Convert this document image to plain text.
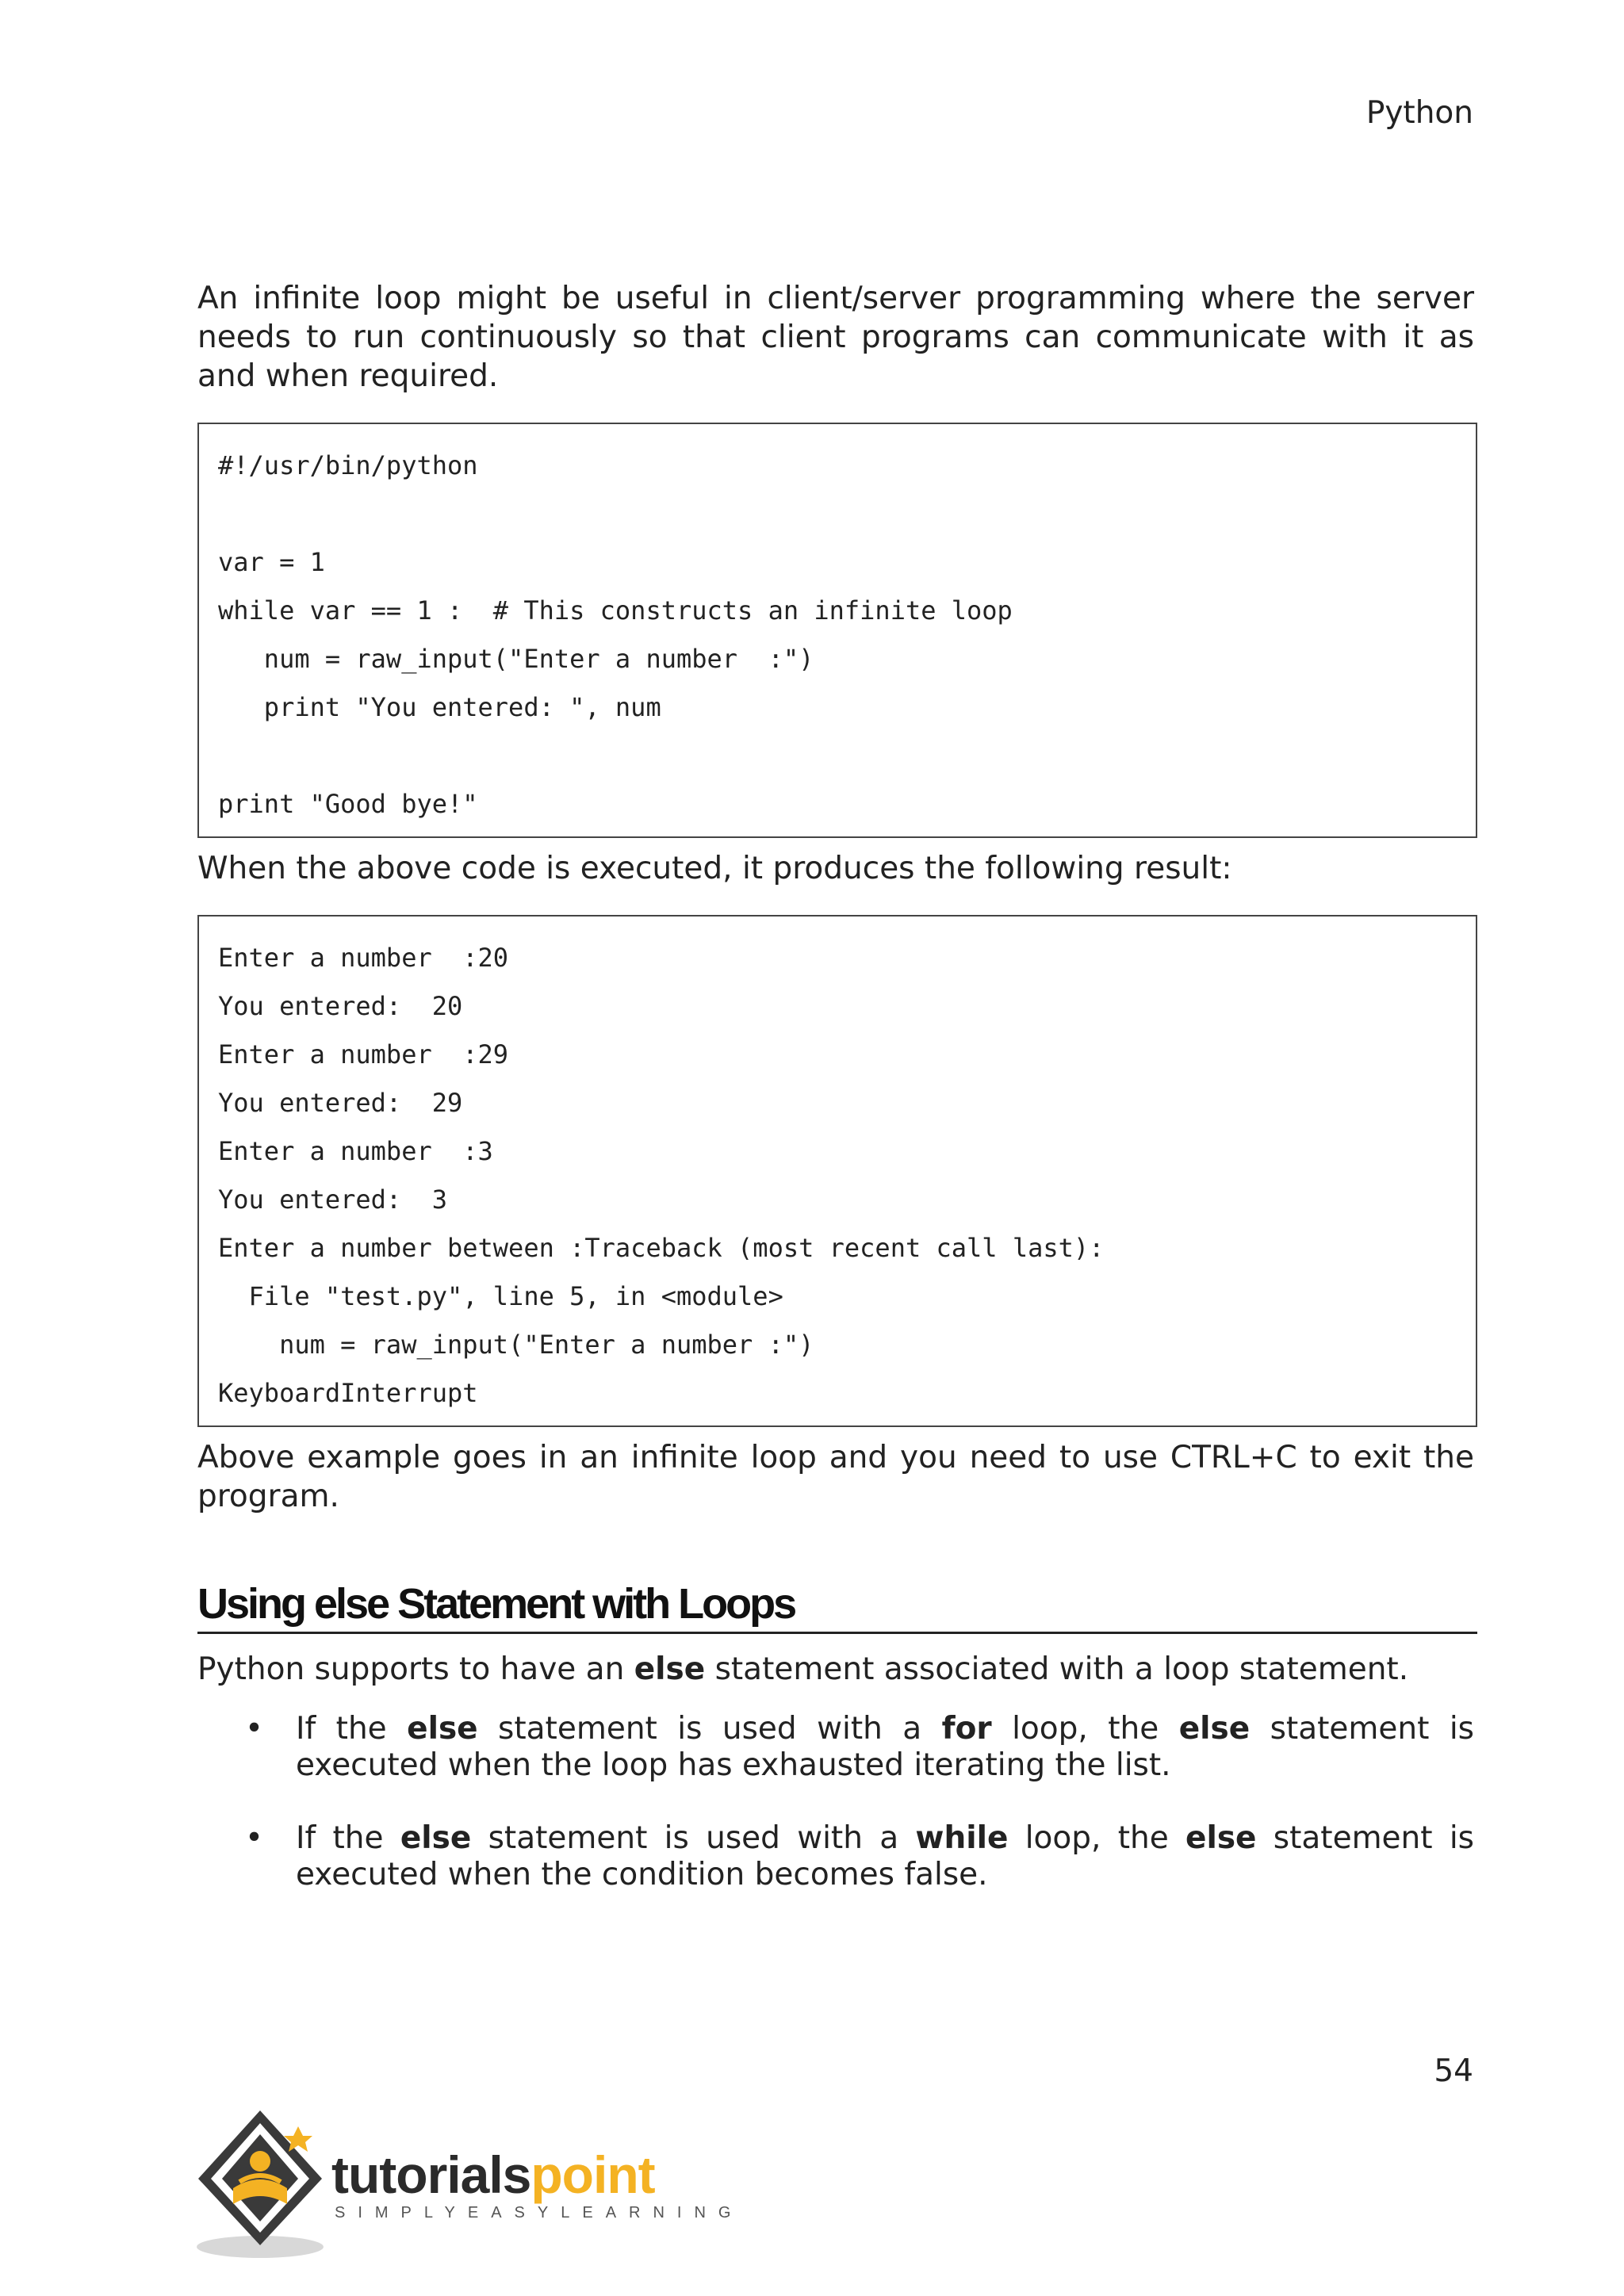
Python

An infinite loop might be useful in client/server programming where the server needs to run continuously so that client programs can communicate with it as and when required.

#!/usr/bin/python
var = 1
while var == 1 :  # This constructs an infinite loop
num = raw_input("Enter a number  :")
print "You entered: ", num
print "Good bye!"

When the above code is executed, it produces the following result:

Enter a number  :20
You entered:  20
Enter a number  :29
You entered:  29
Enter a number  :3
You entered:  3
Enter a number between :Traceback (most recent call last):
File "test.py", line 5, in <module>
num = raw_input("Enter a number :")
KeyboardInterrupt

Above example goes in an infinite loop and you need to use CTRL+C to exit the program.

Using else Statement with Loops

Python supports to have an else statement associated with a loop statement.

• If the else statement is used with a for loop, the else statement is executed when the loop has exhausted iterating the list.
• If the else statement is used with a while loop, the else statement is executed when the condition becomes false.
54
tutorialspoint
SIMPLYEASYLEARNING
